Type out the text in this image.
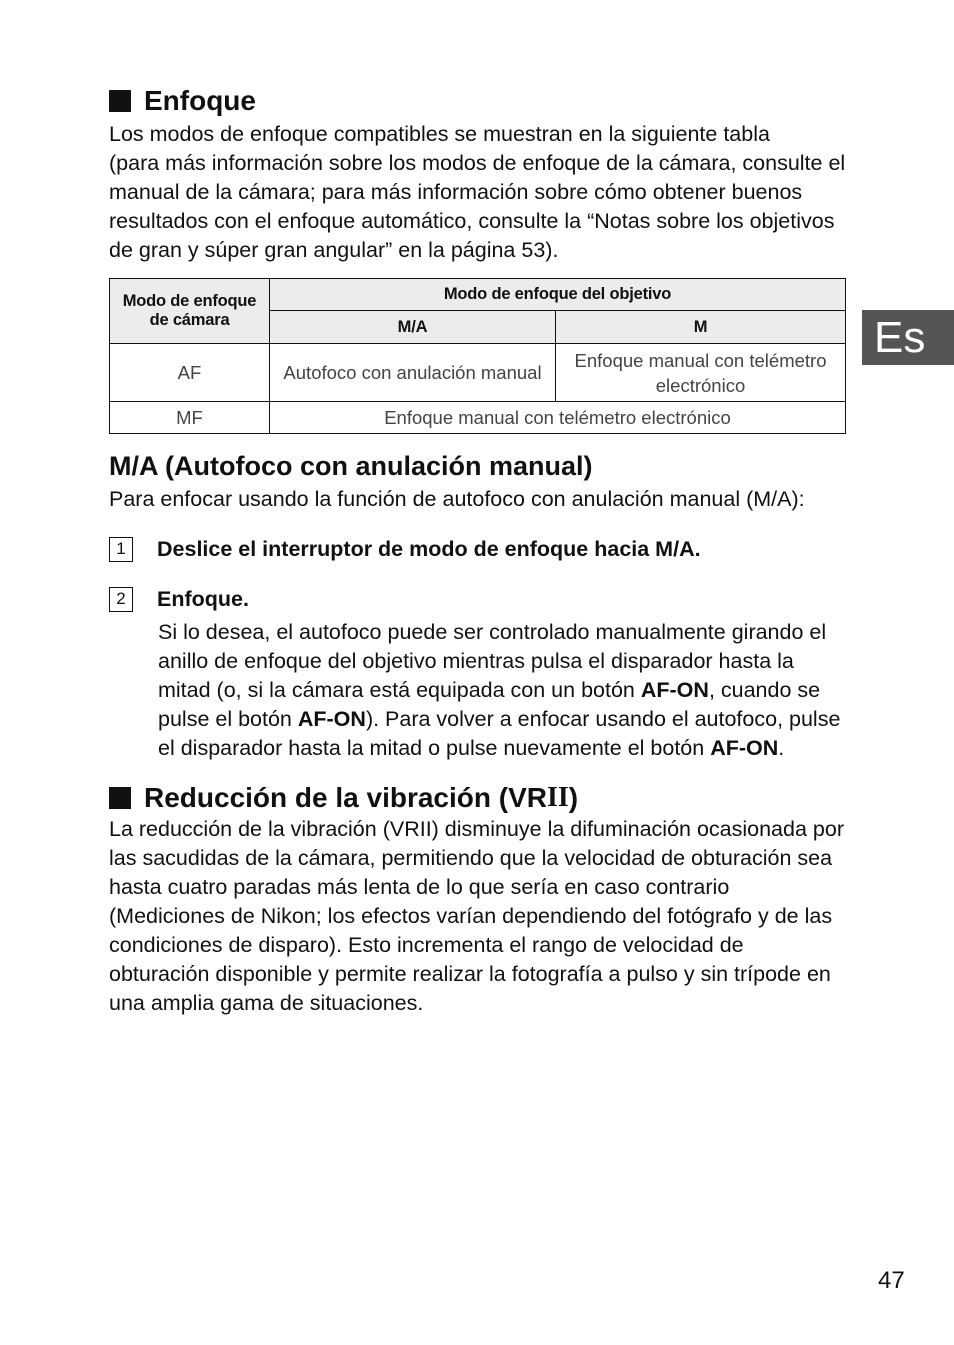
Enfoque

Los modos de enfoque compatibles se muestran en la siguiente tabla
(para más información sobre los modos de enfoque de la cámara, consulte el manual de la cámara; para más información sobre cómo obtener buenos resultados con el enfoque automático, consulte la “Notas sobre los objetivos de gran y súper gran angular” en la página 53).

Modo de enfoque de cámara	Modo de enfoque del objetivo	
	M/A	M
AF	Autofoco con anulación manual	Enfoque manual con telémetro electrónico
MF	Enfoque manual con telémetro electrónico	
M/A (Autofoco con anulación manual)

Para enfocar usando la función de autofoco con anulación manual (M/A):

1	Deslice el interruptor de modo de enfoque hacia M/A.
2	Enfoque.

Si lo desea, el autofoco puede ser controlado manualmente girando el anillo de enfoque del objetivo mientras pulsa el disparador hasta la mitad (o, si la cámara está equipada con un botón AF-ON, cuando se pulse el botón AF-ON). Para volver a enfocar usando el autofoco, pulse el disparador hasta la mitad o pulse nuevamente el botón AF-ON.

Reducción de la vibración (VR II )

La reducción de la vibración (VRII) disminuye la difuminación ocasionada por las sacudidas de la cámara, permitiendo que la velocidad de obturación sea hasta cuatro paradas más lenta de lo que sería en caso contrario (Mediciones de Nikon; los efectos varían dependiendo del fotógrafo y de las condiciones de disparo). Esto incrementa el rango de velocidad de obturación disponible y permite realizar la fotografía a pulso y sin trípode en una amplia gama de situaciones.

Es
47
